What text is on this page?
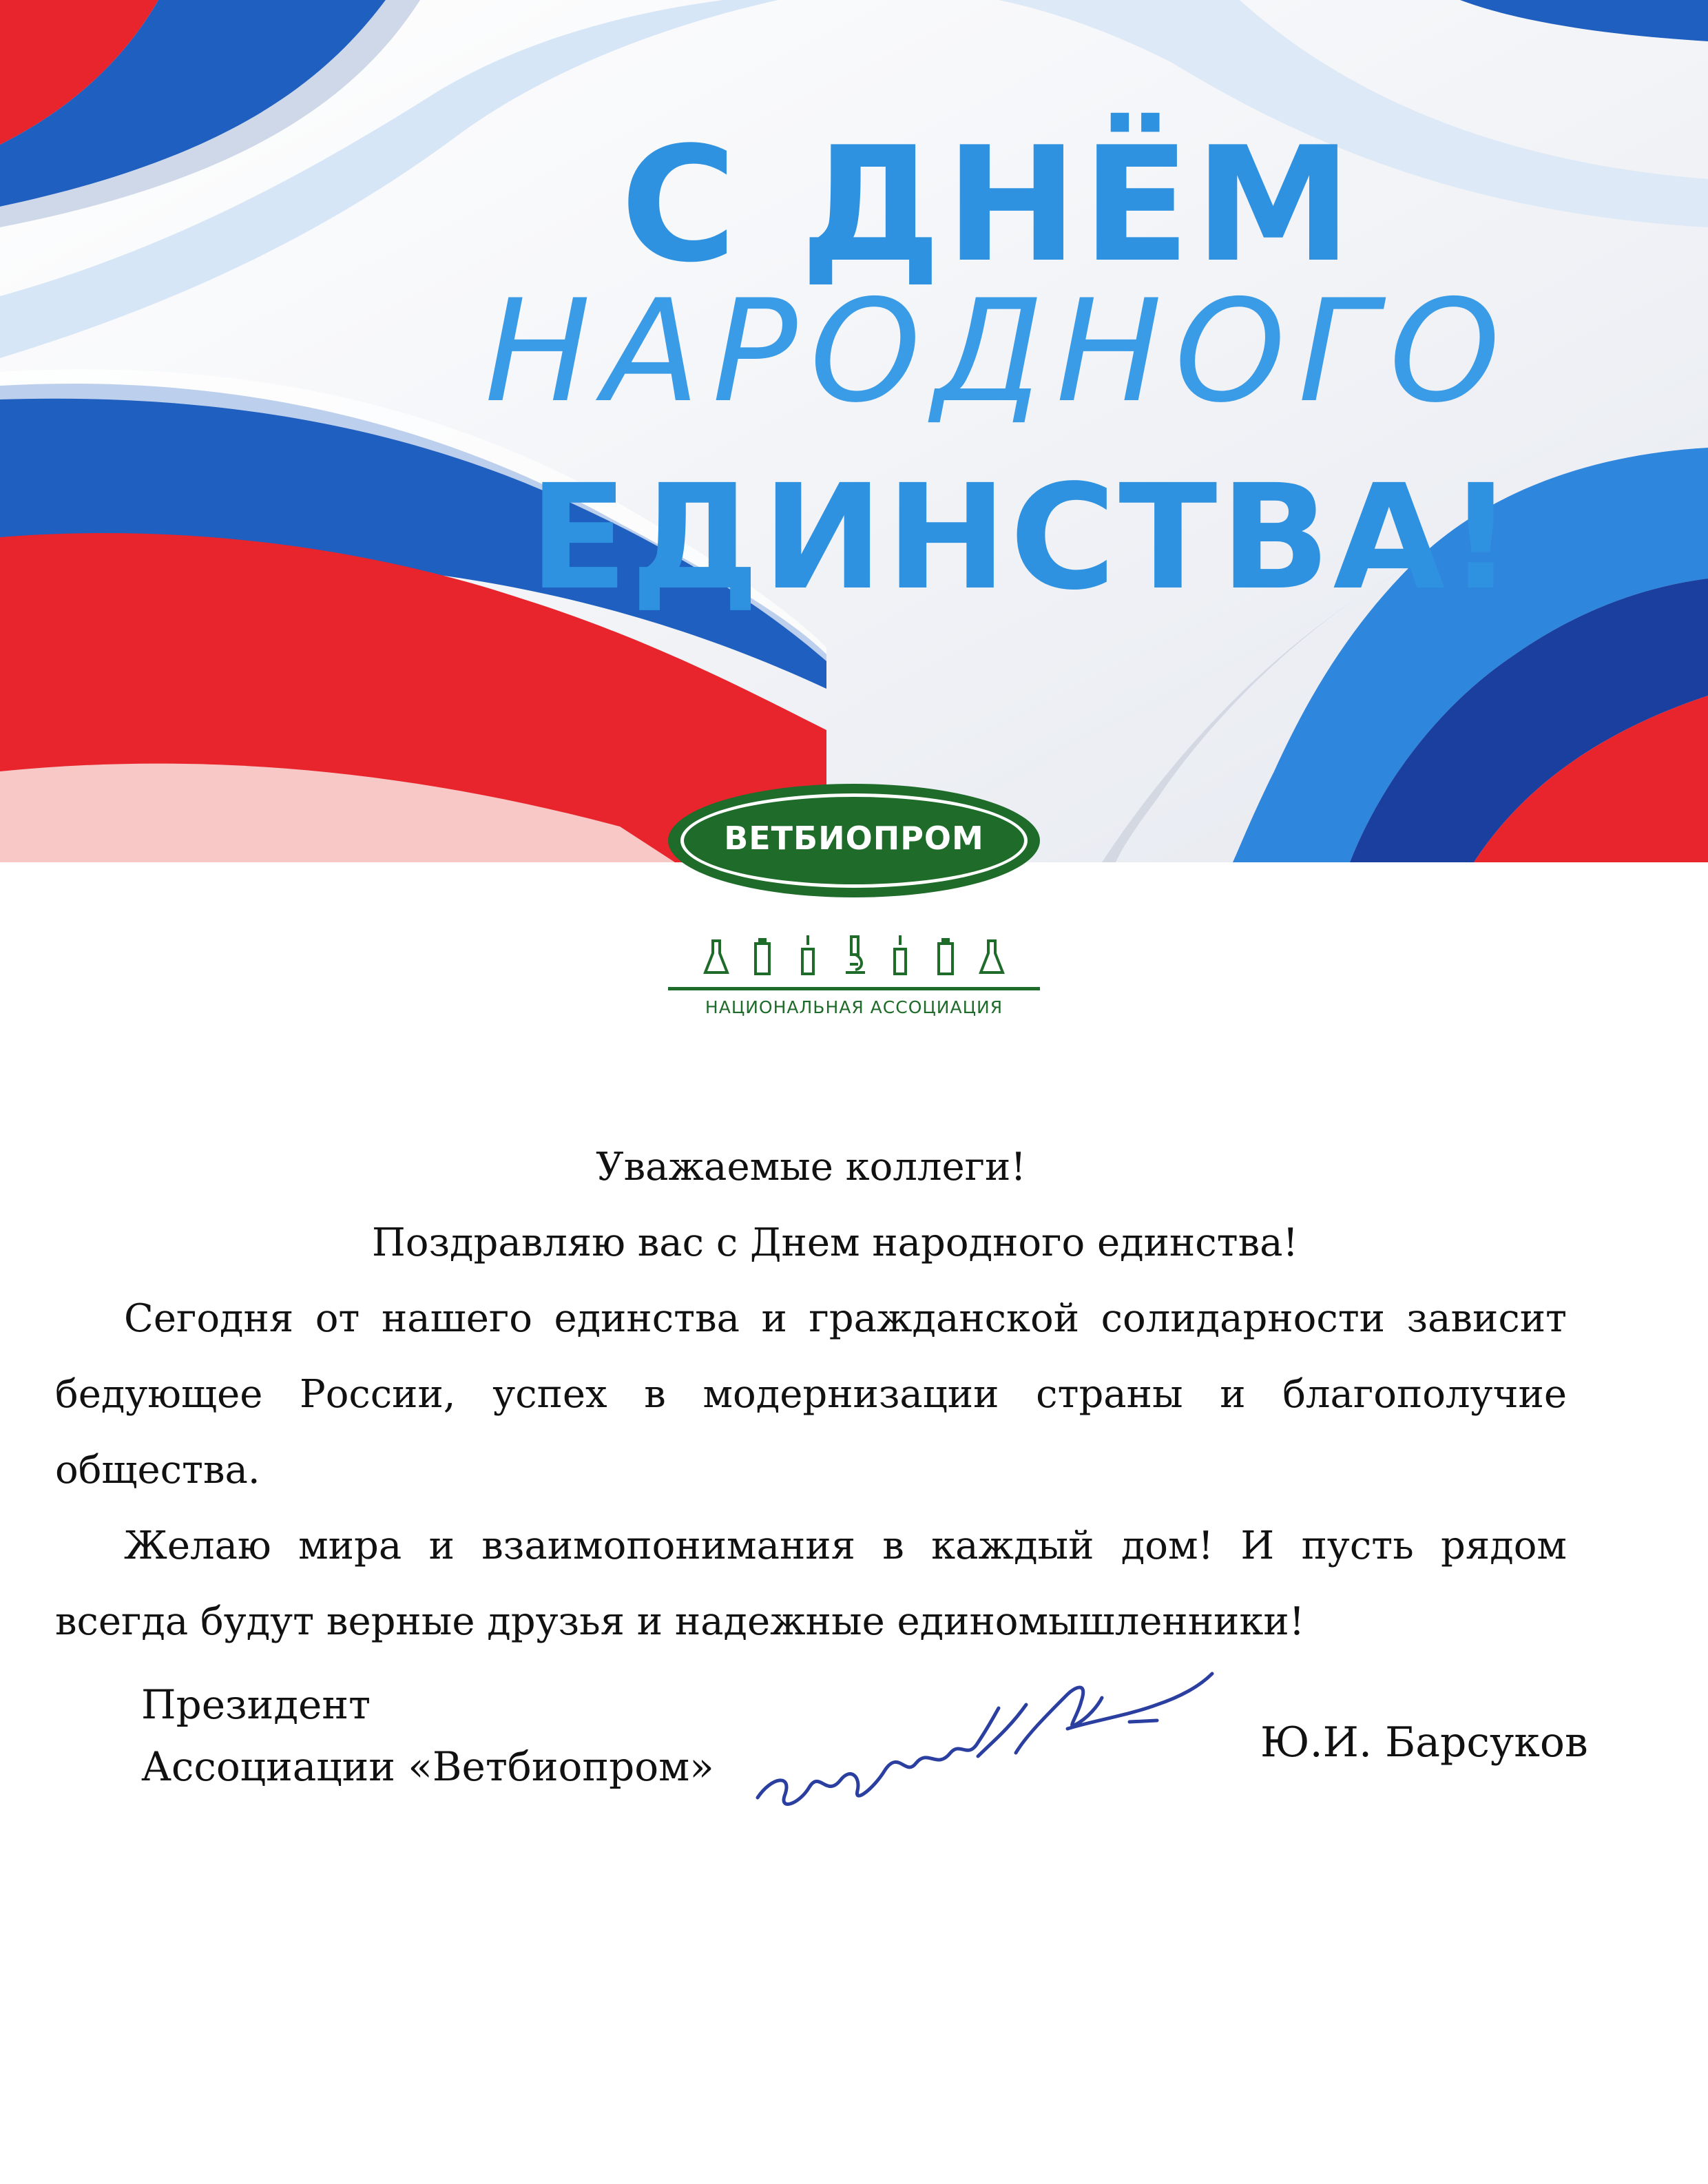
С ДНЁМ
НАРОДНОГО
ЕДИНСТВА!

ВЕТБИОПРОМ

НАЦИОНАЛЬНАЯ АССОЦИАЦИЯ

Уважаемые коллеги!

Поздравляю вас с Днем народного единства!

Сегодня от нашего единства и гражданской солидарности зависит бедующее России, успех в модернизации страны и благополучие общества.

Желаю мира и взаимопонимания в каждый дом! И пусть рядом всегда будут верные друзья и надежные единомышленники!

Президент
Ассоциации «Ветбиопром»	Ю.И. Барсуков
